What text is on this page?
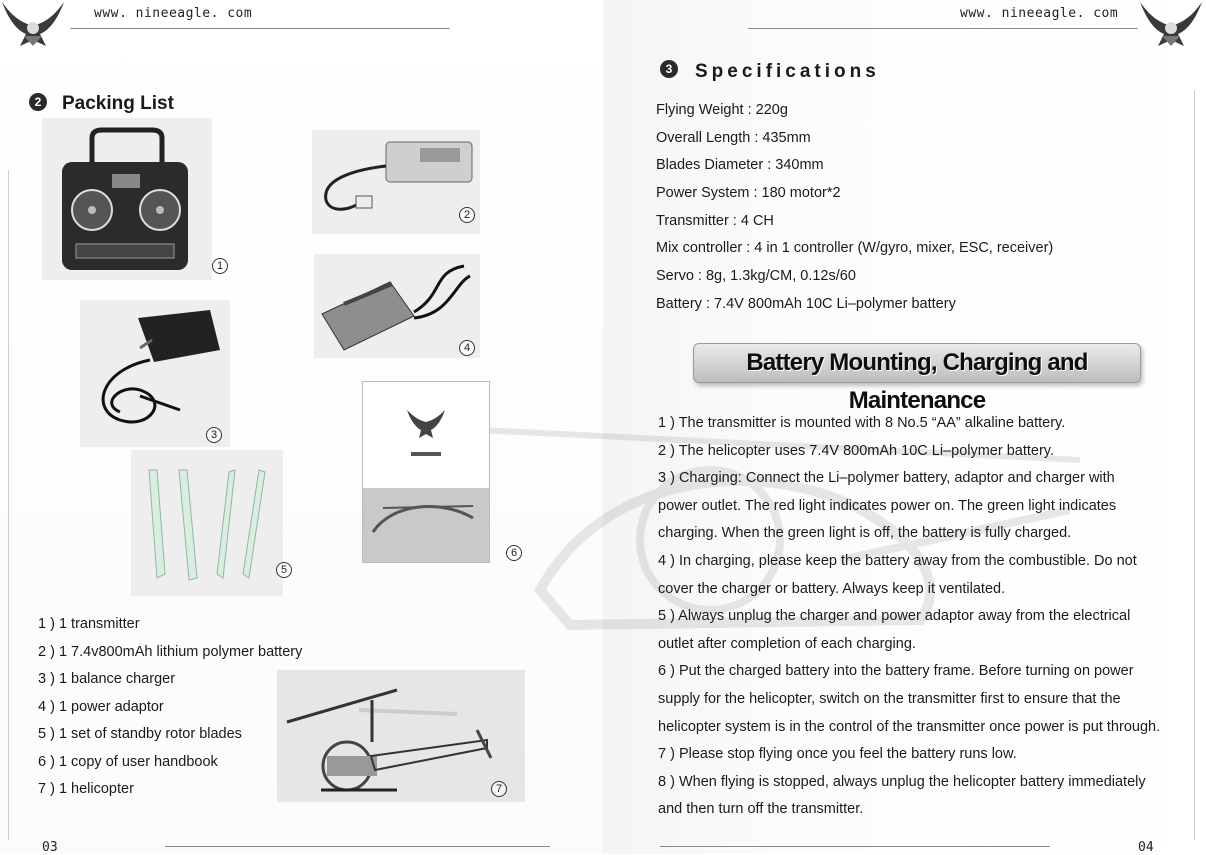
www. nineeagle. com	www. nineeagle. com
2 Packing List
1
2
3
4
6
5
7
1 ) 1 transmitter
2 ) 1 7.4v800mAh lithium polymer battery
3 ) 1 balance charger
4 ) 1 power adaptor
5 ) 1 set of standby rotor blades
6 ) 1 copy of user handbook
7 ) 1 helicopter
3 Specifications
Flying Weight : 220g
Overall Length : 435mm
Blades Diameter : 340mm
Power System : 180 motor*2
Transmitter : 4 CH
Mix controller : 4 in 1 controller (W/gyro, mixer, ESC, receiver)
Servo : 8g, 1.3kg/CM, 0.12s/60
Battery : 7.4V 800mAh 10C Li–polymer battery
Battery Mounting, Charging and Maintenance

1 ) The transmitter is mounted with 8 No.5 “AA” alkaline battery.

2 ) The helicopter uses 7.4V 800mAh 10C Li–polymer battery.

3 ) Charging: Connect the Li–polymer battery, adaptor and charger with

power outlet. The red light indicates power on. The green light indicates

charging. When the green light is off, the battery is fully charged.

4 ) In charging, please keep the battery away from the combustible. Do not

cover the charger or battery. Always keep it ventilated.

5 ) Always unplug the charger and power adaptor away from the electrical

outlet after completion of each charging.

6 ) Put the charged battery into the battery frame. Before turning on power

supply for the helicopter, switch on the transmitter first to ensure that the

helicopter system is in the control of the transmitter once power is put through.

7 ) Please stop flying once you feel the battery runs low.

8 ) When flying is stopped, always unplug the helicopter battery immediately

and then turn off the transmitter.

03	04
